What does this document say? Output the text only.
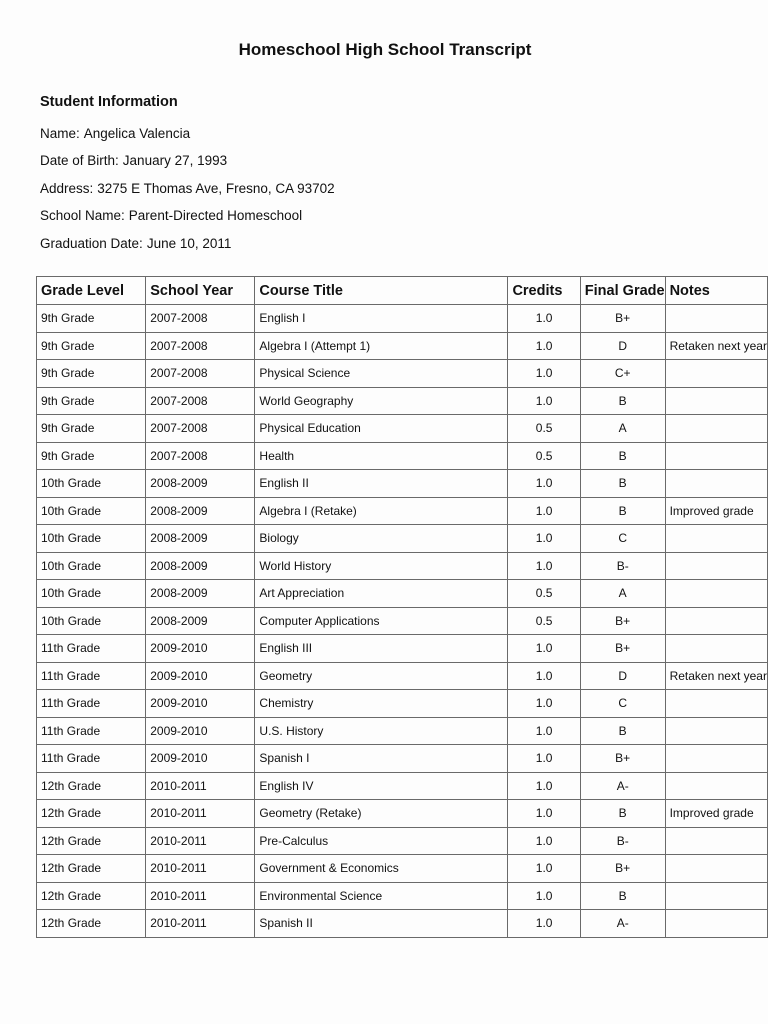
Homeschool High School Transcript
Student Information
Name: Angelica Valencia
Date of Birth: January 27, 1993
Address: 3275 E Thomas Ave, Fresno, CA 93702
School Name: Parent-Directed Homeschool
Graduation Date: June 10, 2011
Grade Level	School Year	Course Title	Credits	Final Grade	Notes
9th Grade	2007-2008	English I	1.0	B+	
9th Grade	2007-2008	Algebra I (Attempt 1)	1.0	D	Retaken next year
9th Grade	2007-2008	Physical Science	1.0	C+	
9th Grade	2007-2008	World Geography	1.0	B	
9th Grade	2007-2008	Physical Education	0.5	A	
9th Grade	2007-2008	Health	0.5	B	
10th Grade	2008-2009	English II	1.0	B	
10th Grade	2008-2009	Algebra I (Retake)	1.0	B	Improved grade
10th Grade	2008-2009	Biology	1.0	C	
10th Grade	2008-2009	World History	1.0	B-	
10th Grade	2008-2009	Art Appreciation	0.5	A	
10th Grade	2008-2009	Computer Applications	0.5	B+	
11th Grade	2009-2010	English III	1.0	B+	
11th Grade	2009-2010	Geometry	1.0	D	Retaken next year
11th Grade	2009-2010	Chemistry	1.0	C	
11th Grade	2009-2010	U.S. History	1.0	B	
11th Grade	2009-2010	Spanish I	1.0	B+	
12th Grade	2010-2011	English IV	1.0	A-	
12th Grade	2010-2011	Geometry (Retake)	1.0	B	Improved grade
12th Grade	2010-2011	Pre-Calculus	1.0	B-	
12th Grade	2010-2011	Government & Economics	1.0	B+	
12th Grade	2010-2011	Environmental Science	1.0	B	
12th Grade	2010-2011	Spanish II	1.0	A-	
